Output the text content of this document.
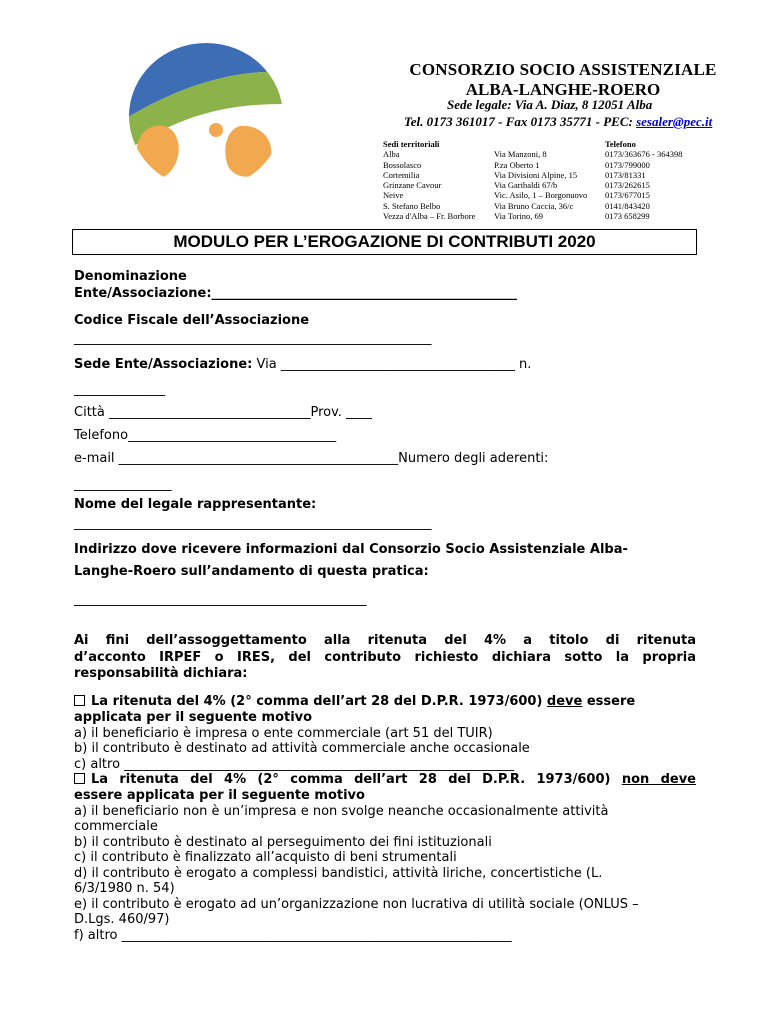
CONSORZIO SOCIO ASSISTENZIALE
ALBA-LANGHE-ROERO
Sede legale: Via A. Diaz, 8 12051 Alba
Tel. 0173 361017 - Fax 0173 35771 - PEC: sesaler@pec.it
Sedi territoriali
Alba
Bossolasco
Cortemilia
Grinzane Cavour
Neive
S. Stefano Belbo
Vezza d'Alba – Fr. Borbore

Via Manzoni, 8
P.za Oberto 1
Via Divisioni Alpine, 15
Via Garibaldi 67/b
Vic. Asilo, 1 – Borgonuovo
Via Bruno Caccia, 36/c
Via Torino, 69
Telefono
0173/363676 - 364398
0173/799000
0173/81331
0173/262615
0173/677015
0141/843420
0173 658299
MODULO PER L’EROGAZIONE DI CONTRIBUTI 2020
Denominazione
Ente/Associazione:_______________________________________________
Codice Fiscale dell’Associazione
_______________________________________________________
Sede Ente/Associazione: Via ____________________________________ n.
______________
Città _______________________________Prov. ____
Telefono________________________________
e-mail ___________________________________________Numero degli aderenti:
_______________
Nome del legale rappresentante:
_______________________________________________________
Indirizzo dove ricevere informazioni dal Consorzio Socio Assistenziale Alba-
Langhe-Roero sull’andamento di questa pratica:
_____________________________________________
Ai fini dell’assoggettamento alla ritenuta del 4% a titolo di ritenuta
d’acconto IRPEF o IRES, del contributo richiesto dichiara sotto la propria
responsabilità dichiara:
La ritenuta del 4% (2° comma dell’art 28 del D.P.R. 1973/600) deve essere
applicata per il seguente motivo
a) il beneficiario è impresa o ente commerciale (art 51 del TUIR)
b) il contributo è destinato ad attività commerciale anche occasionale
c) altro ____________________________________________________________
La ritenuta del 4% (2° comma dell’art 28 del D.P.R. 1973/600) non deve
essere applicata per il seguente motivo
a) il beneficiario non è un’impresa e non svolge neanche occasionalmente attività
commerciale
b) il contributo è destinato al perseguimento dei fini istituzionali
c) il contributo è finalizzato all’acquisto di beni strumentali
d) il contributo è erogato a complessi bandistici, attività liriche, concertistiche (L.
6/3/1980 n. 54)
e) il contributo è erogato ad un’organizzazione non lucrativa di utilità sociale (ONLUS –
D.Lgs. 460/97)
f) altro ____________________________________________________________
